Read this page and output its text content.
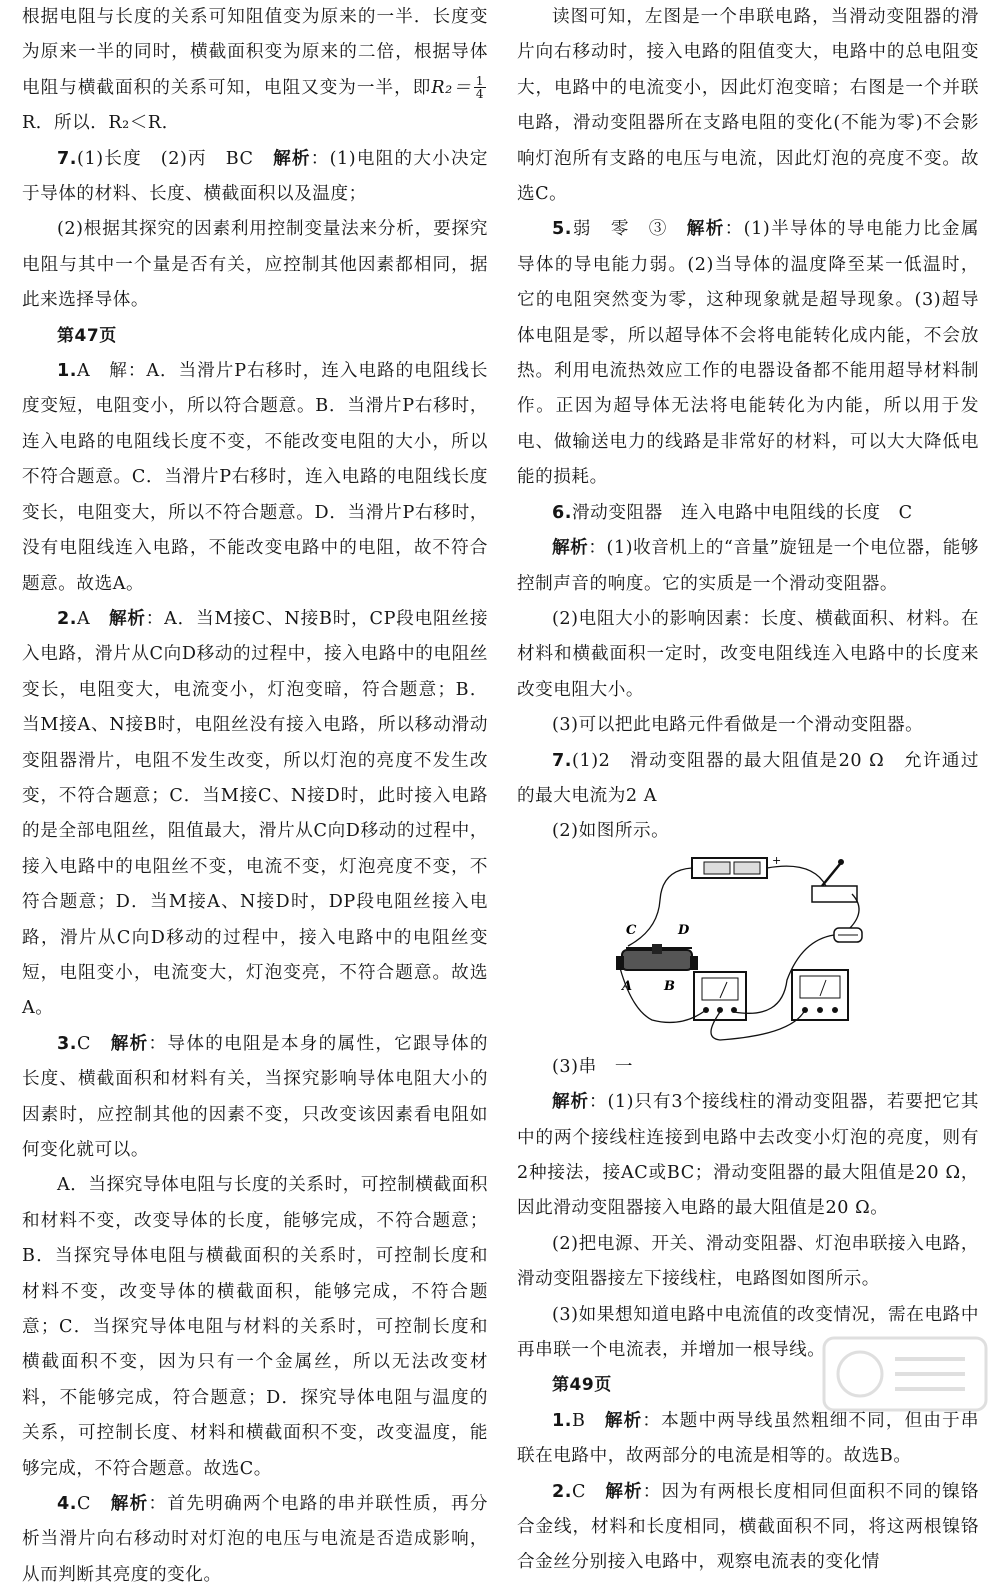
根据电阻与长度的关系可知阻值变为原来的一半．长度变为原来一半的同时，横截面积变为原来的二倍，根据导体电阻与横截面积的关系可知，电阻又变为一半，即$R_2= \frac{1}{4}$
R．所以．R₂＜R．

7.(1)长度　(2)丙　BC　解析：(1)电阻的大小决定于导体的材料、长度、横截面积以及温度；

(2)根据其探究的因素利用控制变量法来分析，要探究电阻与其中一个量是否有关，应控制其他因素都相同，据此来选择导体。

第47页

1.A　解：A．当滑片P右移时，连入电路的电阻线长度变短，电阻变小，所以符合题意。B．当滑片P右移时，连入电路的电阻线长度不变，不能改变电阻的大小，所以不符合题意。C．当滑片P右移时，连入电路的电阻线长度变长，电阻变大，所以不符合题意。D．当滑片P右移时，没有电阻线连入电路，不能改变电路中的电阻，故不符合题意。故选A。

2.A　解析：A．当M接C、N接B时，CP段电阻丝接入电路，滑片从C向D移动的过程中，接入电路中的电阻丝变长，电阻变大，电流变小，灯泡变暗，符合题意；B．当M接A、N接B时，电阻丝没有接入电路，所以移动滑动变阻器滑片，电阻不发生改变，所以灯泡的亮度不发生改变，不符合题意；C．当M接C、N接D时，此时接入电路的是全部电阻丝，阻值最大，滑片从C向D移动的过程中，接入电路中的电阻丝不变，电流不变，灯泡亮度不变，不符合题意；D．当M接A、N接D时，DP段电阻丝接入电路，滑片从C向D移动的过程中，接入电路中的电阻丝变短，电阻变小，电流变大，灯泡变亮，不符合题意。故选A。

3.C　解析：导体的电阻是本身的属性，它跟导体的长度、横截面积和材料有关，当探究影响导体电阻大小的因素时，应控制其他的因素不变，只改变该因素看电阻如何变化就可以。

A．当探究导体电阻与长度的关系时，可控制横截面积和材料不变，改变导体的长度，能够完成，不符合题意；B．当探究导体电阻与横截面积的关系时，可控制长度和材料不变，改变导体的横截面积，能够完成，不符合题意；C．当探究导体电阻与材料的关系时，可控制长度和横截面积不变，因为只有一个金属丝，所以无法改变材料，不能够完成，符合题意；D．探究导体电阻与温度的关系，可控制长度、材料和横截面积不变，改变温度，能够完成，不符合题意。故选C。

4.C　解析：首先明确两个电路的串并联性质，再分析当滑片向右移动时对灯泡的电压与电流是否造成影响，从而判断其亮度的变化。

读图可知，左图是一个串联电路，当滑动变阻器的滑片向右移动时，接入电路的阻值变大，电路中的总电阻变大，电路中的电流变小，因此灯泡变暗；右图是一个并联电路，滑动变阻器所在支路电阻的变化(不能为零)不会影响灯泡所有支路的电压与电流，因此灯泡的亮度不变。故选C。

5.弱　零　③　解析：(1)半导体的导电能力比金属导体的导电能力弱。(2)当导体的温度降至某一低温时，它的电阻突然变为零，这种现象就是超导现象。(3)超导体电阻是零，所以超导体不会将电能转化成内能，不会放热。利用电流热效应工作的电器设备都不能用超导材料制作。正因为超导体无法将电能转化为内能，所以用于发电、做输送电力的线路是非常好的材料，可以大大降低电能的损耗。

6.滑动变阻器　连入电路中电阻线的长度　C

解析：(1)收音机上的“音量”旋钮是一个电位器，能够控制声音的响度。它的实质是一个滑动变阻器。

(2)电阻大小的影响因素：长度、横截面积、材料。在材料和横截面积一定时，改变电阻线连入电路中的长度来改变电阻大小。

(3)可以把此电路元件看做是一个滑动变阻器。

7.(1)2　滑动变阻器的最大阻值是20 Ω　允许通过的最大电流为2 A

(2)如图所示。

+
C	D
A B

(3)串　一

解析：(1)只有3个接线柱的滑动变阻器，若要把它其中的两个接线柱连接到电路中去改变小灯泡的亮度，则有2种接法，接AC或BC；滑动变阻器的最大阻值是20 Ω，因此滑动变阻器接入电路的最大阻值是20 Ω。

(2)把电源、开关、滑动变阻器、灯泡串联接入电路，滑动变阻器接左下接线柱，电路图如图所示。

(3)如果想知道电路中电流值的改变情况，需在电路中再串联一个电流表，并增加一根导线。

第49页

1.B　解析：本题中两导线虽然粗细不同，但由于串联在电路中，故两部分的电流是相等的。故选B。

2.C　解析：因为有两根长度相同但面积不同的镍铬合金线，材料和长度相同，横截面积不同，将这两根镍铬合金丝分别接入电路中，观察电流表的变化情
